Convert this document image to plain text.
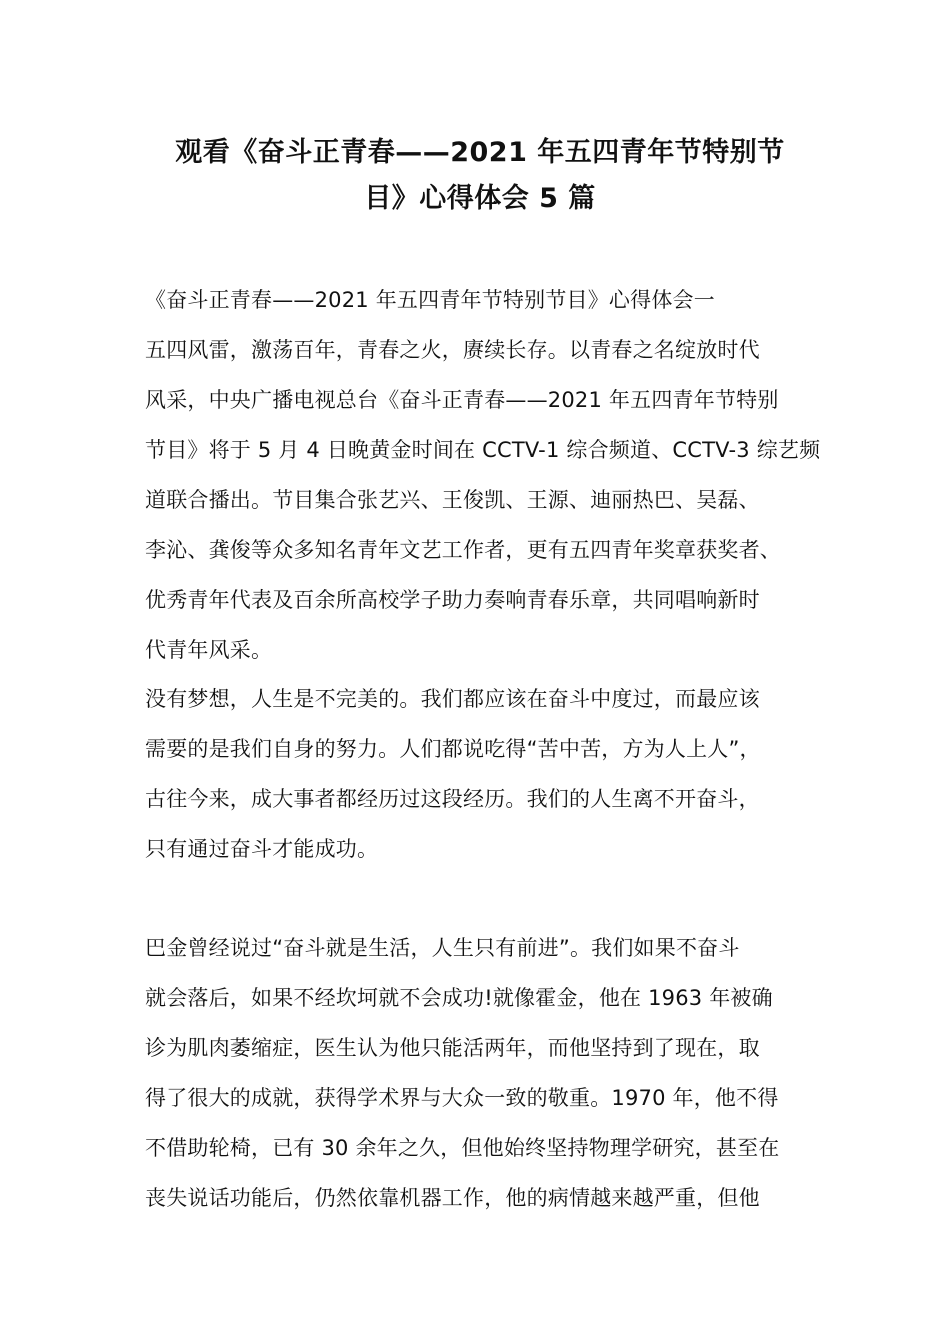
观看《奋斗正青春——2021 年五四青年节特别节
目》心得体会 5 篇
《奋斗正青春——2021 年五四青年节特别节目》心得体会一
五四风雷，激荡百年，青春之火，赓续长存。以青春之名绽放时代
风采，中央广播电视总台《奋斗正青春——2021 年五四青年节特别
节目》将于 5 月 4 日晚黄金时间在 CCTV-1 综合频道、CCTV-3 综艺频
道联合播出。节目集合张艺兴、王俊凯、王源、迪丽热巴、吴磊、
李沁、龚俊等众多知名青年文艺工作者，更有五四青年奖章获奖者、
优秀青年代表及百余所高校学子助力奏响青春乐章，共同唱响新时
代青年风采。
没有梦想，人生是不完美的。我们都应该在奋斗中度过，而最应该
需要的是我们自身的努力。人们都说吃得“苦中苦，方为人上人”，
古往今来，成大事者都经历过这段经历。我们的人生离不开奋斗，
只有通过奋斗才能成功。
巴金曾经说过“奋斗就是生活，人生只有前进”。我们如果不奋斗
就会落后，如果不经坎坷就不会成功!就像霍金，他在 1963 年被确
诊为肌肉萎缩症，医生认为他只能活两年，而他坚持到了现在，取
得了很大的成就，获得学术界与大众一致的敬重。1970 年，他不得
不借助轮椅，已有 30 余年之久，但他始终坚持物理学研究，甚至在
丧失说话功能后，仍然依靠机器工作，他的病情越来越严重，但他
